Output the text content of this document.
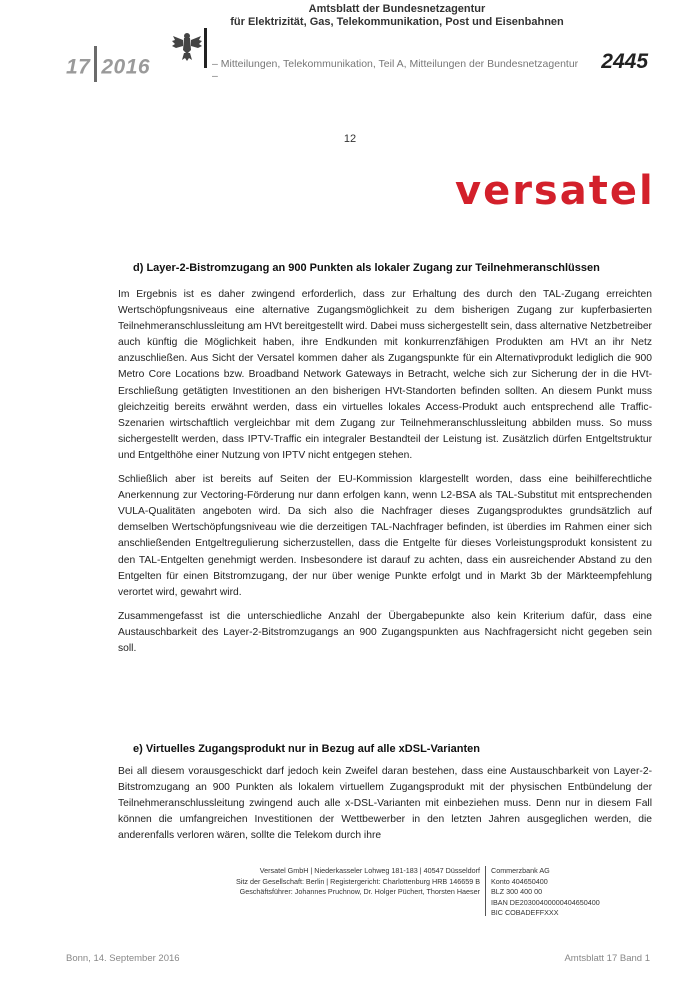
17 2016
Amtsblatt der Bundesnetzagentur
für Elektrizität, Gas, Telekommunikation, Post und Eisenbahnen
– Mitteilungen, Telekommunikation, Teil A, Mitteilungen der Bundesnetzagentur –
2445
12
versatel
d) Layer-2-Bistromzugang an 900 Punkten als lokaler Zugang zur Teilnehmeranschlüssen

Im Ergebnis ist es daher zwingend erforderlich, dass zur Erhaltung des durch den TAL-Zugang erreichten Wertschöpfungsniveaus eine alternative Zugangsmöglichkeit zu dem bisherigen Zugang zur kupferbasierten Teilnehmeranschlussleitung am HVt bereitgestellt wird. Dabei muss sichergestellt sein, dass alternative Netzbetreiber auch künftig die Möglichkeit haben, ihre Endkunden mit konkurrenzfähigen Produkten am HVt an ihr Netz anzuschließen. Aus Sicht der Versatel kommen daher als Zugangspunkte für ein Alternativprodukt lediglich die 900 Metro Core Locations bzw. Broadband Network Gateways in Betracht, welche sich zur Sicherung der in die HVt-Erschließung getätigten Investitionen an den bisherigen HVt-Standorten befinden sollten. An diesem Punkt muss gleichzeitig bereits erwähnt werden, dass ein virtuelles lokales Access-Produkt auch entsprechend alle Traffic-Szenarien wirtschaftlich vergleichbar mit dem Zugang zur Teilnehmeranschlussleitung abbilden muss. So muss sichergestellt werden, dass IPTV-Traffic ein integraler Bestandteil der Leistung ist. Zusätzlich dürfen Entgeltstruktur und Entgelthöhe einer Nutzung von IPTV nicht entgegen stehen.

Schließlich aber ist bereits auf Seiten der EU-Kommission klargestellt worden, dass eine beihilferechtliche Anerkennung zur Vectoring-Förderung nur dann erfolgen kann, wenn L2-BSA als TAL-Substitut mit entsprechenden VULA-Qualitäten angeboten wird. Da sich also die Nachfrager dieses Zugangsproduktes grundsätzlich auf demselben Wertschöpfungsniveau wie die derzeitigen TAL-Nachfrager befinden, ist überdies im Rahmen einer sich anschließenden Entgeltregulierung sicherzustellen, dass die Entgelte für dieses Vorleistungsprodukt konsistent zu den TAL-Entgelten genehmigt werden. Insbesondere ist darauf zu achten, dass ein ausreichender Abstand zu den Entgelten für einen Bitstromzugang, der nur über wenige Punkte erfolgt und in Markt 3b der Märkteempfehlung verortet wird, gewahrt wird.

Zusammengefasst ist die unterschiedliche Anzahl der Übergabepunkte also kein Kriterium dafür, dass eine Austauschbarkeit des Layer-2-Bitstromzugangs an 900 Zugangspunkten aus Nachfragersicht nicht gegeben sein soll.

e) Virtuelles Zugangsprodukt nur in Bezug auf alle xDSL-Varianten

Bei all diesem vorausgeschickt darf jedoch kein Zweifel daran bestehen, dass eine Austauschbarkeit von Layer-2-Bitstromzugang an 900 Punkten als lokalem virtuellem Zugangsprodukt mit der physischen Entbündelung der Teilnehmeranschlussleitung zwingend auch alle x-DSL-Varianten mit einbeziehen muss. Denn nur in diesem Fall können die umfangreichen Investitionen der Wettbewerber in den letzten Jahren ausgeglichen werden, die anderenfalls verloren wären, sollte die Telekom durch ihre

Versatel GmbH | Niederkasseler Lohweg 181-183 | 40547 Düsseldorf
Sitz der Gesellschaft: Berlin | Registergericht: Charlottenburg HRB 146659 B
Geschäftsführer: Johannes Pruchnow, Dr. Holger Püchert, Thorsten Haeser
Commerzbank AG
Konto 404650400
BLZ 300 400 00
IBAN DE20300400000404650400
BIC COBADEFFXXX
Bonn, 14. September 2016	Amtsblatt 17 Band 1
